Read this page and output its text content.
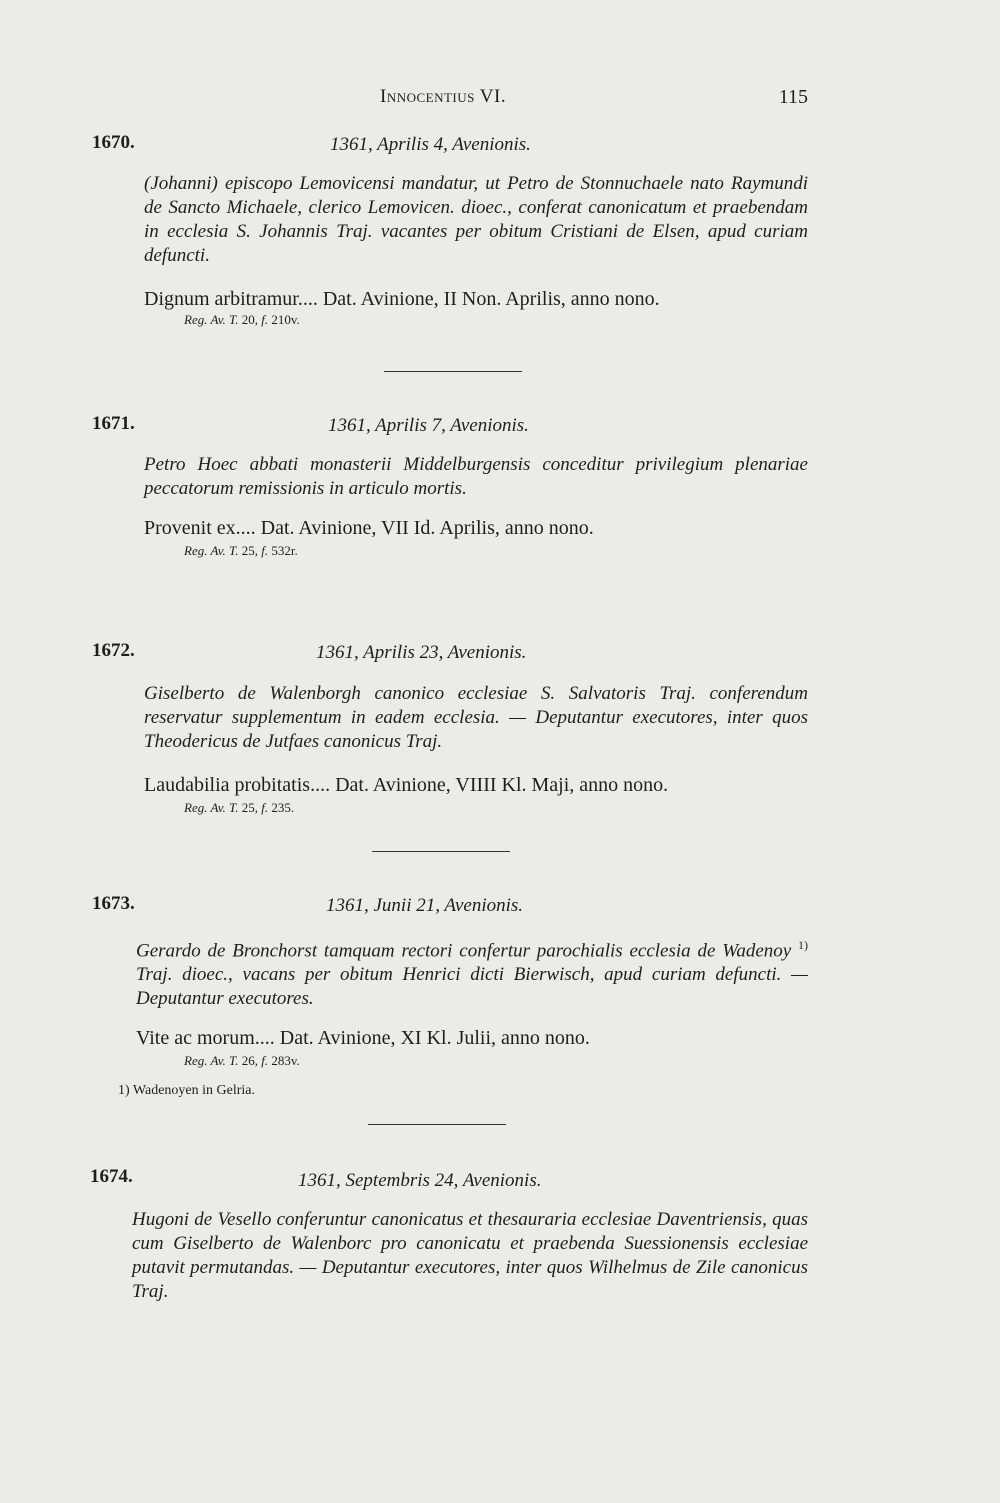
Innocentius VI.	115
1670.	1361, Aprilis 4, Avenionis.
(Johanni) episcopo Lemovicensi mandatur, ut Petro de Stonnuchaele nato Raymundi de Sancto Michaele, clerico Lemovicen. dioec., conferat canonicatum et praebendam in ecclesia S. Johannis Traj. vacantes per obitum Cristiani de Elsen, apud curiam defuncti.
Dignum arbitramur.... Dat. Avinione, II Non. Aprilis, anno nono.
Reg. Av. T. 20, f. 210v.
1671.	1361, Aprilis 7, Avenionis.
Petro Hoec abbati monasterii Middelburgensis conceditur privilegium plenariae peccatorum remissionis in articulo mortis.
Provenit ex.... Dat. Avinione, VII Id. Aprilis, anno nono.
Reg. Av. T. 25, f. 532r.
1672.	1361, Aprilis 23, Avenionis.
Giselberto de Walenborgh canonico ecclesiae S. Salvatoris Traj. conferendum reservatur supplementum in eadem ecclesia. — Deputantur executores, inter quos Theodericus de Jutfaes canonicus Traj.
Laudabilia probitatis.... Dat. Avinione, VIIII Kl. Maji, anno nono.
Reg. Av. T. 25, f. 235.
1673.	1361, Junii 21, Avenionis.
Gerardo de Bronchorst tamquam rectori confertur parochialis ecclesia de Wadenoy $^{1)}$ Traj. dioec., vacans per obitum Henrici dicti Bierwisch, apud curiam defuncti. — Deputantur executores.
Vite ac morum.... Dat. Avinione, XI Kl. Julii, anno nono.
Reg. Av. T. 26, f. 283v.
1) Wadenoyen in Gelria.
1674.	1361, Septembris 24, Avenionis.
Hugoni de Vesello conferuntur canonicatus et thesauraria ecclesiae Daventriensis, quas cum Giselberto de Walenborc pro canonicatu et praebenda Suessionensis ecclesiae putavit permutandas. — Deputantur executores, inter quos Wilhelmus de Zile canonicus Traj.
